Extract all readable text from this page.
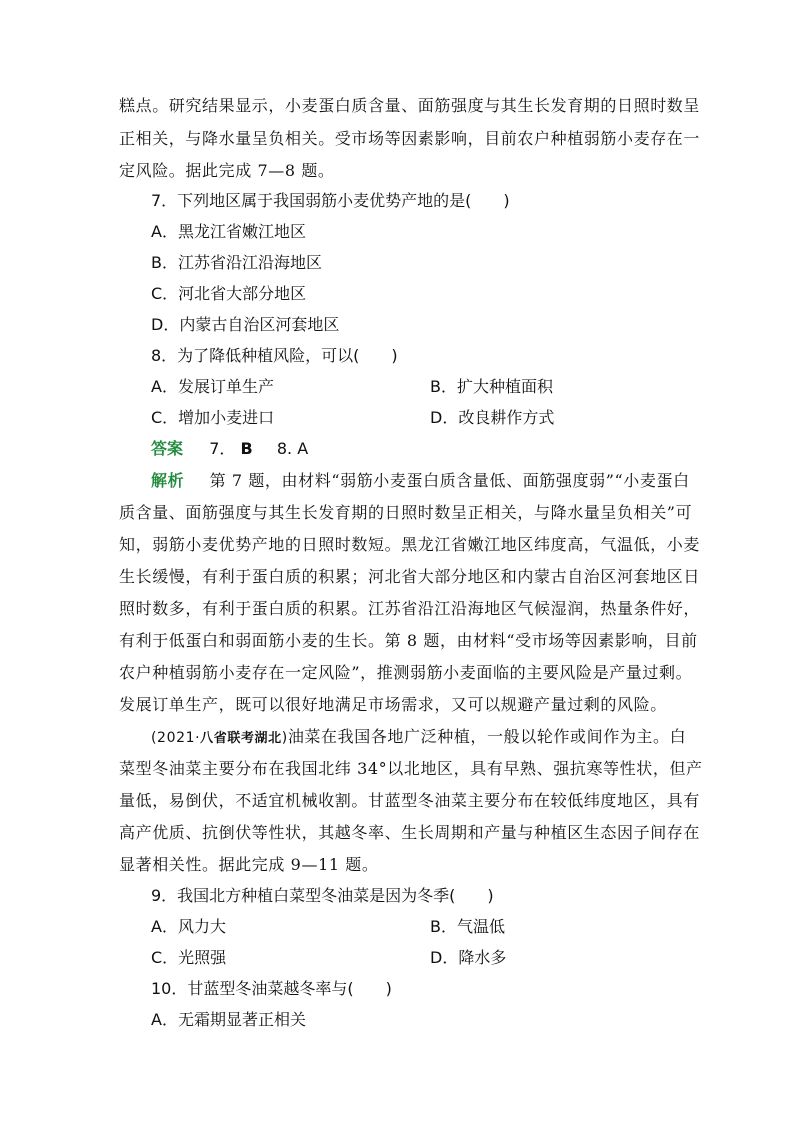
糕点。研究结果显示，小麦蛋白质含量、面筋强度与其生长发育期的日照时数呈
正相关，与降水量呈负相关。受市场等因素影响，目前农户种植弱筋小麦存在一
定风险。据此完成 7—8 题。
7．下列地区属于我国弱筋小麦优势产地的是(　　)
A．黑龙江省嫩江地区
B．江苏省沿江沿海地区
C．河北省大部分地区
D．内蒙古自治区河套地区
8．为了降低种植风险，可以(　　)
A．发展订单生产	B．扩大种植面积
C．增加小麦进口	D．改良耕作方式
答案 7． B 8. A
解析 第 7 题，由材料“弱筋小麦蛋白质含量低、面筋强度弱”“小麦蛋白
质含量、面筋强度与其生长发育期的日照时数呈正相关，与降水量呈负相关”可
知，弱筋小麦优势产地的日照时数短。黑龙江省嫩江地区纬度高，气温低，小麦
生长缓慢，有利于蛋白质的积累；河北省大部分地区和内蒙古自治区河套地区日
照时数多，有利于蛋白质的积累。江苏省沿江沿海地区气候湿润，热量条件好，
有利于低蛋白和弱面筋小麦的生长。第 8 题，由材料“受市场等因素影响，目前
农户种植弱筋小麦存在一定风险”，推测弱筋小麦面临的主要风险是产量过剩。
发展订单生产，既可以很好地满足市场需求，又可以规避产量过剩的风险。
(2021·八省联考湖北)油菜在我国各地广泛种植，一般以轮作或间作为主。白
菜型冬油菜主要分布在我国北纬 34°以北地区，具有早熟、强抗寒等性状，但产
量低，易倒伏，不适宜机械收割。甘蓝型冬油菜主要分布在较低纬度地区，具有
高产优质、抗倒伏等性状，其越冬率、生长周期和产量与种植区生态因子间存在
显著相关性。据此完成 9—11 题。
9．我国北方种植白菜型冬油菜是因为冬季(　　)
A．风力大	B．气温低
C．光照强	D．降水多
10．甘蓝型冬油菜越冬率与(　　)
A．无霜期显著正相关
